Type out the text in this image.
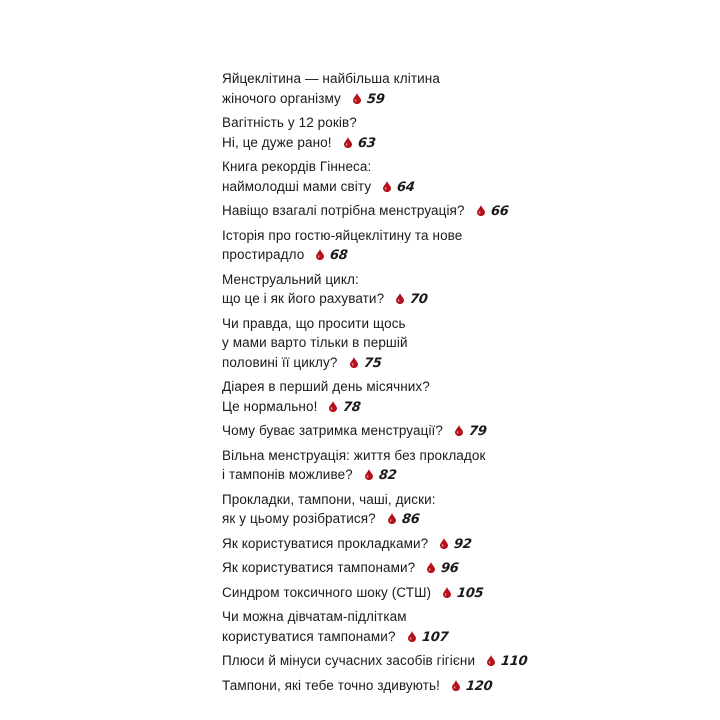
Яйцеклітина — найбільша клітина
жіночого організму 59
Вагітність у 12 років?
Ні, це дуже рано! 63
Книга рекордів Гіннеса:
наймолодші мами світу 64
Навіщо взагалі потрібна менструація? 66
Історія про гостю-яйцеклітину та нове
простирадло 68
Менструальний цикл:
що це і як його рахувати? 70
Чи правда, що просити щось
у мами варто тільки в першій
половині її циклу? 75
Діарея в перший день місячних?
Це нормально! 78
Чому буває затримка менструації? 79
Вільна менструація: життя без прокладок
і тампонів можливе? 82
Прокладки, тампони, чаші, диски:
як у цьому розібратися? 86
Як користуватися прокладками? 92
Як користуватися тампонами? 96
Синдром токсичного шоку (СТШ) 105
Чи можна дівчатам-підліткам
користуватися тампонами? 107
Плюси й мінуси сучасних засобів гігієни 110
Тампони, які тебе точно здивують! 120
